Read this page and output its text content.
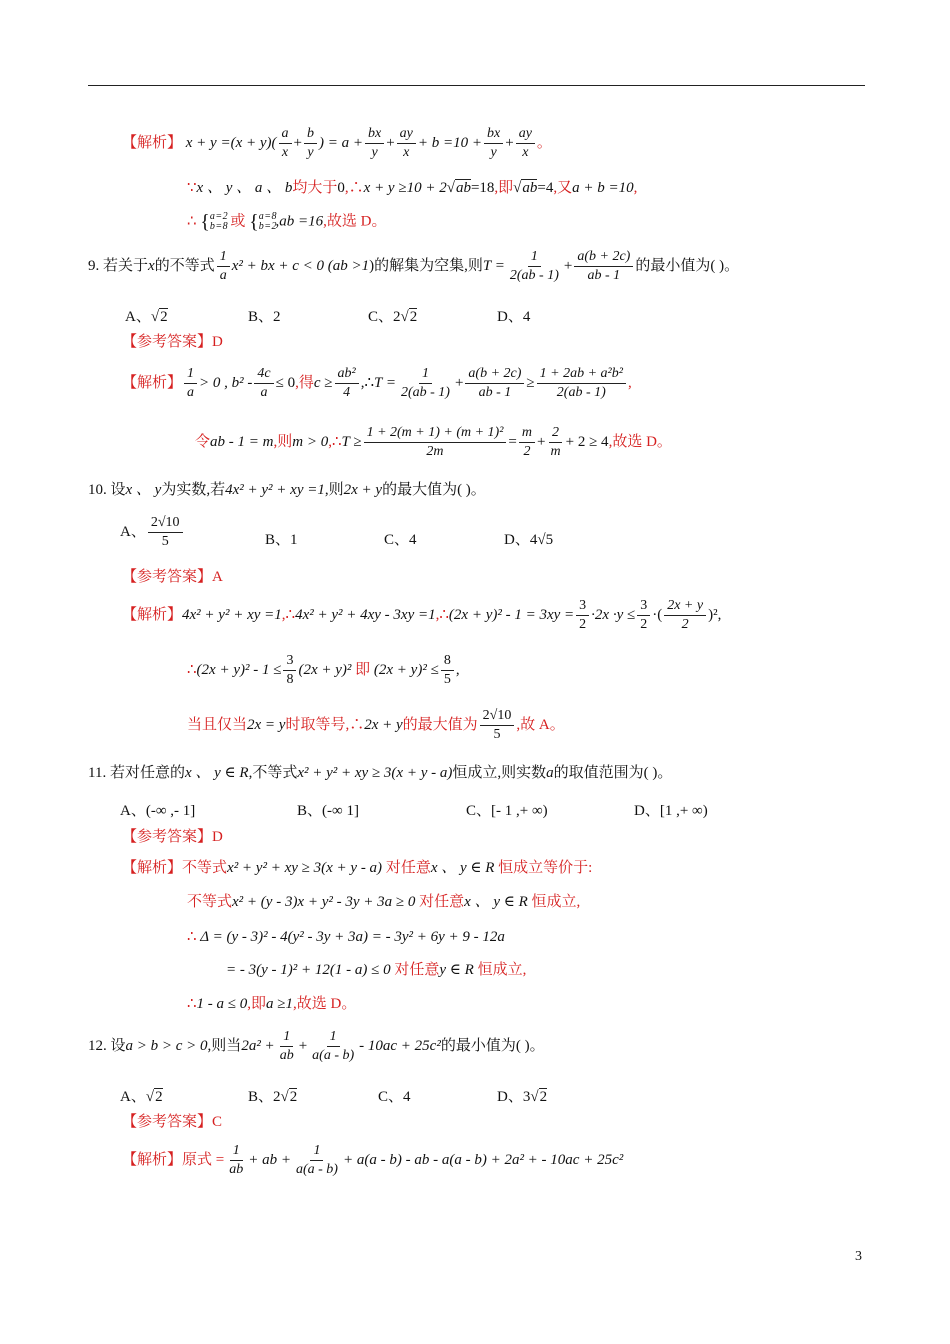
【解析】 $x + y =(x + y)( \frac{a}{x} + \frac{b}{y}$ ) = $a + \frac{bx}{y} + \frac{ay}{x} + b =10 + \frac{bx}{y} + \frac{ay}{x}$ 。
∵x 、 y 、 a 、 b均大于0,∴x + y ≥10 + 2√ab=18,即√ab=4,又a + b =10,
∴ { a = 2
b = 8 或 { a = 8
b = 2 ,ab =16,故选 D。
9. 若关于x的不等式 $\frac{1}{a} x^2$ + bx + c < 0 (ab >1)的解集为空集,则$T = \frac{1}{2(ab - 1)} + \frac{a(b + 2c)}{ab - 1}$ 的最小值为( )。
A、√2	B、2	C、2√2	D、4
【参考答案】D
【解析】 $\frac{1}{a} > 0$ , $b^2 - \frac{4c}{a} \le 0$,得$c \ge \frac{\text{ab²}}{4}$ ,∴T = $\frac{1}{2(ab - 1)} + \frac{a(b + 2c)}{ab - 1} \ge \frac{\text{1 + 2ab + a²b²}}{2(ab - 1)}$ ,
令ab - 1 = m,则m > 0,∴T ≥ $\frac{\text{1 + 2(m + 1) + (m + 1)²}}{2m} = \frac{m}{2} + \frac{2}{m} + 2 \ge 4$,故选 D。
10. 设x 、 y为实数,若4x² + y² + xy =1,则2x + y的最大值为( )。
A、 $\frac{2√10}{5}$	B、1	C、4	D、4√5
【参考答案】A
【解析】4x² + y² + xy =1,∴4x² + y² + 4xy - 3xy =1,∴(2x + $y)^2 - 1 = 3xy = \frac{3}{2} \cdot 2x \cdot y \le \frac{3}{2}$ ·( $\frac{2x + y}{2} )^2$,
∴(2x + $y)^2 - 1 \le \frac{3}{8} (2x + y)^2$ 即 $(2x + y)^2 \le \frac{8}{5}$ ,
当且仅当2x = y时取等号,∴2x + y的最大值为 $\frac{2√10}{5}$ ,故 A。
11. 若对任意的x 、 y ∈ R,不等式x² + y² + xy ≥ 3(x + y - a)恒成立,则实数a的取值范围为( )。
A、(-∞ ,- 1]	B、(-∞ 1]	C、[- 1 ,+ ∞)	D、[1 ,+ ∞)
【参考答案】D
【解析】不等式x² + y² + xy ≥ 3(x + y - a) 对任意x 、 y ∈ R 恒成立等价于:
不等式x² + (y - 3)x + y² - 3y + 3a ≥ 0 对任意x 、 y ∈ R 恒成立,
∴ Δ = (y - 3)² - 4(y² - 3y + 3a) = - 3y² + 6y + 9 - 12a
= - 3(y - 1)² + 12(1 - a) ≤ 0 对任意y ∈ R 恒成立,
∴1 - a ≤ 0,即a ≥1,故选 D。
12. 设a > b > c > 0,则当$2a^2 + \frac{1}{ab} + \frac{1}{a(a - b)} - 10ac + 25c^2$的最小值为( )。
A、√2	B、2√2	C、4	D、3√2
【参考答案】C
【解析】原式 = $\frac{1}{ab}$ + ab + $\frac{1}{a(a - b)} + a(a - b)$ - ab - a(a - b) + 2a² + - 10ac + 25c²
3
